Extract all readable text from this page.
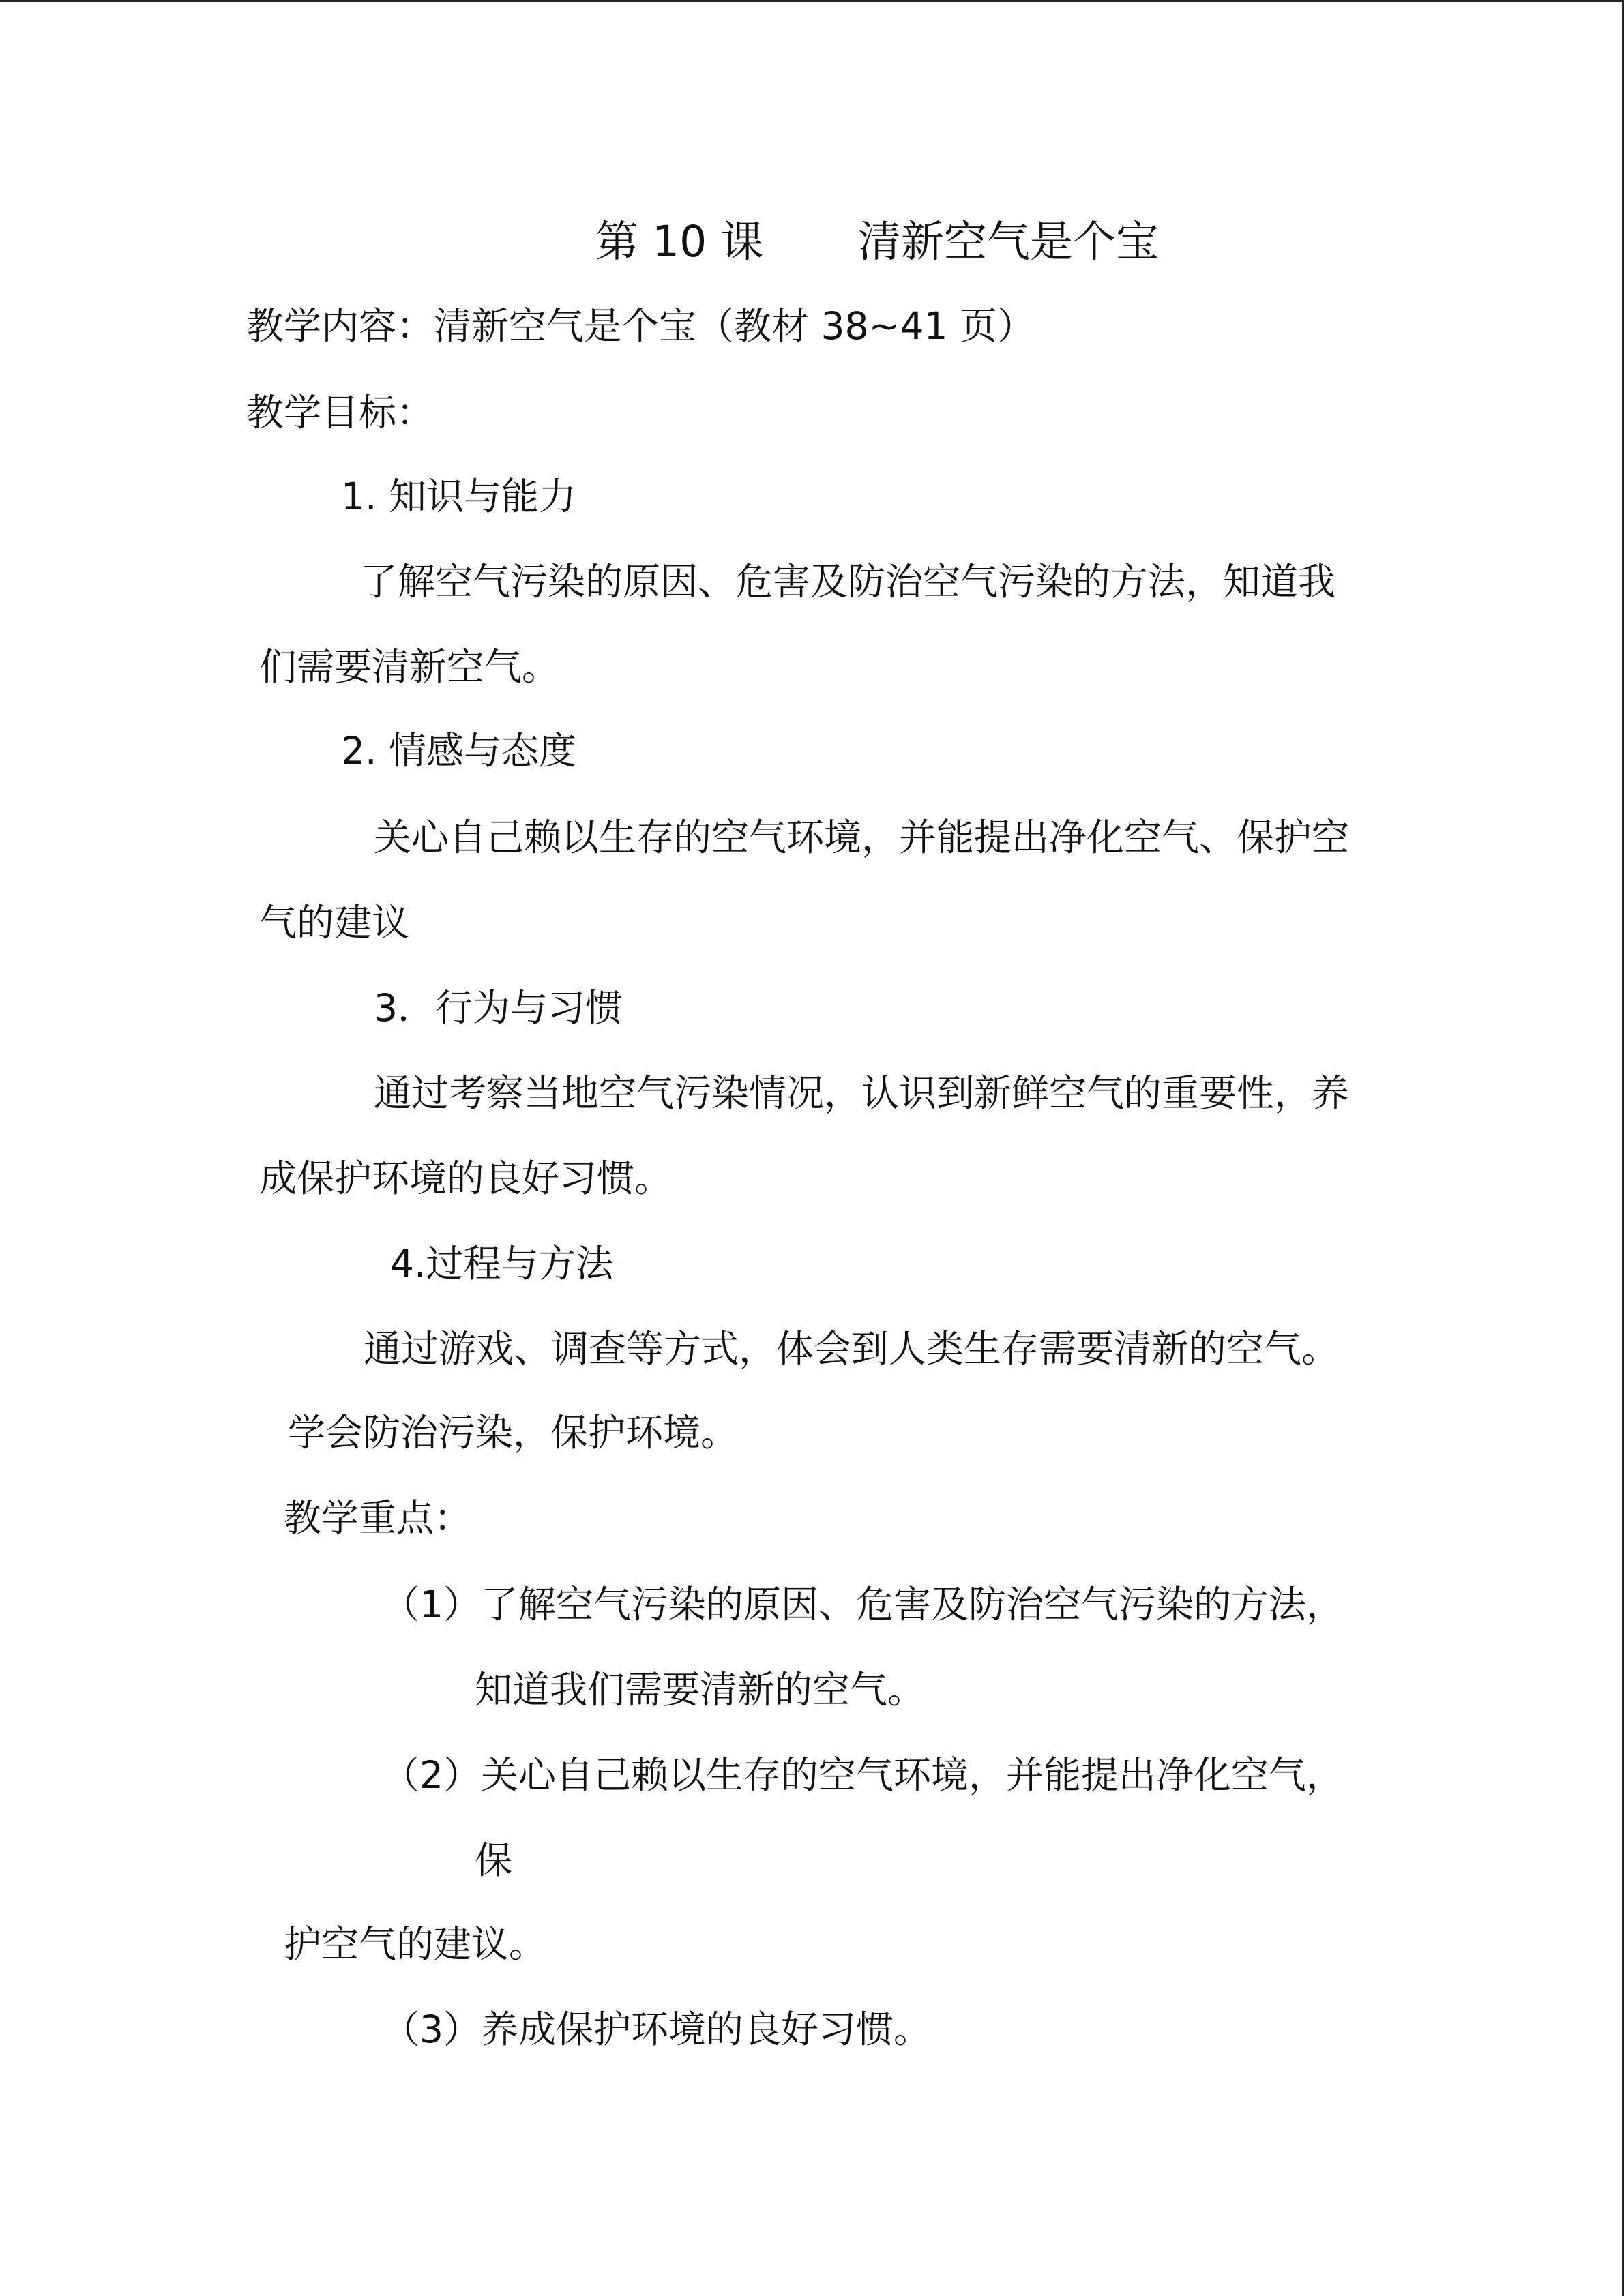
第 10 课 清新空气是个宝
教学内容：清新空气是个宝（教材 38~41 页）
教学目标：
1. 知识与能力
了解空气污染的原因、危害及防治空气污染的方法，知道我
们需要清新空气。
2. 情感与态度
关心自己赖以生存的空气环境，并能提出净化空气、保护空
气的建议
3．行为与习惯
通过考察当地空气污染情况，认识到新鲜空气的重要性，养
成保护环境的良好习惯。
4.过程与方法
通过游戏、调查等方式，体会到人类生存需要清新的空气。
学会防治污染，保护环境。
教学重点：
（1）了解空气污染的原因、危害及防治空气污染的方法，
知道我们需要清新的空气。
（2）关心自己赖以生存的空气环境，并能提出净化空气，
保
护空气的建议。
（3）养成保护环境的良好习惯。
